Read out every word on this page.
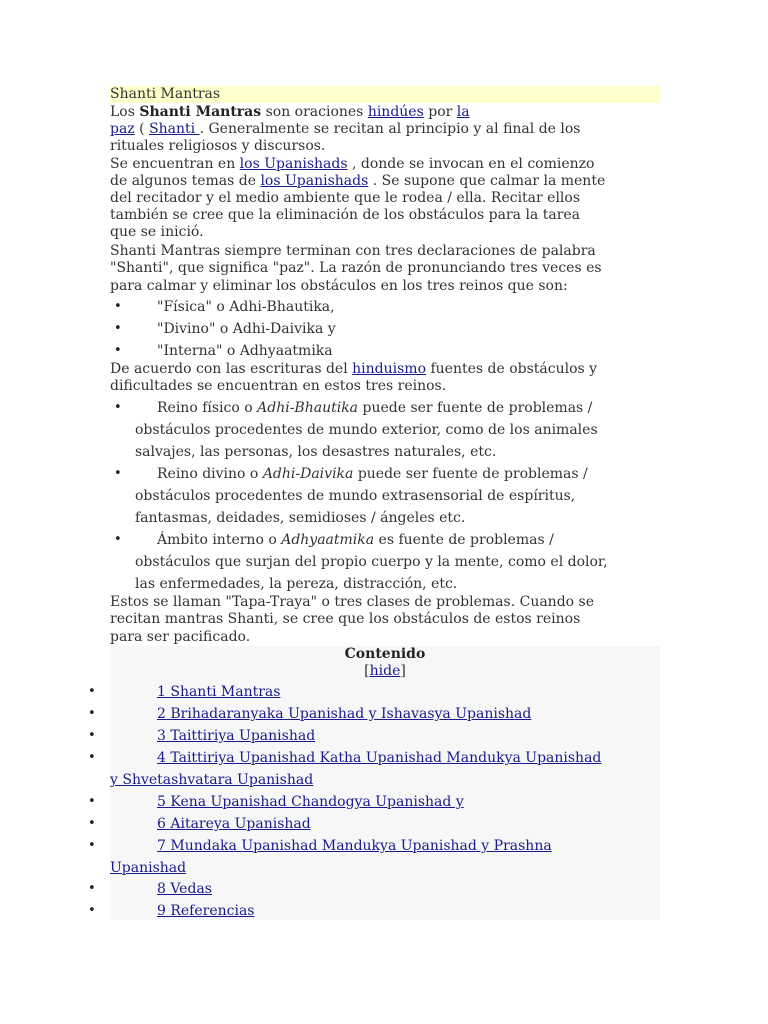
Shanti Mantras
Los Shanti Mantras son oraciones hindúes por la
paz ( Shanti . Generalmente se recitan al principio y al final de los
rituales religiosos y discursos.
Se encuentran en los Upanishads , donde se invocan en el comienzo
de algunos temas de los Upanishads . Se supone que calmar la mente
del recitador y el medio ambiente que le rodea / ella. Recitar ellos
también se cree que la eliminación de los obstáculos para la tarea
que se inició.
Shanti Mantras siempre terminan con tres declaraciones de palabra
"Shanti", que significa "paz". La razón de pronunciando tres veces es
para calmar y eliminar los obstáculos en los tres reinos que son:
•
"Física" o Adhi-Bhautika,
•
"Divino" o Adhi-Daivika y
•
"Interna" o Adhyaatmika
De acuerdo con las escrituras del hinduismo fuentes de obstáculos y
dificultades se encuentran en estos tres reinos.
•
Reino físico o Adhi-Bhautika puede ser fuente de problemas /
obstáculos procedentes de mundo exterior, como de los animales
salvajes, las personas, los desastres naturales, etc.
•
Reino divino o Adhi-Daivika puede ser fuente de problemas /
obstáculos procedentes de mundo extrasensorial de espíritus,
fantasmas, deidades, semidioses / ángeles etc.
•
Ámbito interno o Adhyaatmika es fuente de problemas /
obstáculos que surjan del propio cuerpo y la mente, como el dolor,
las enfermedades, la pereza, distracción, etc.
Estos se llaman "Tapa-Traya" o tres clases de problemas. Cuando se
recitan mantras Shanti, se cree que los obstáculos de estos reinos
para ser pacificado.
Contenido
[hide]
•
1 Shanti Mantras
•
2 Brihadaranyaka Upanishad y Ishavasya Upanishad
•
3 Taittiriya Upanishad
•
4 Taittiriya Upanishad Katha Upanishad Mandukya Upanishad
y Shvetashvatara Upanishad
•
5 Kena Upanishad Chandogya Upanishad y
•
6 Aitareya Upanishad
•
7 Mundaka Upanishad Mandukya Upanishad y Prashna
Upanishad
•
8 Vedas
•
9 Referencias
